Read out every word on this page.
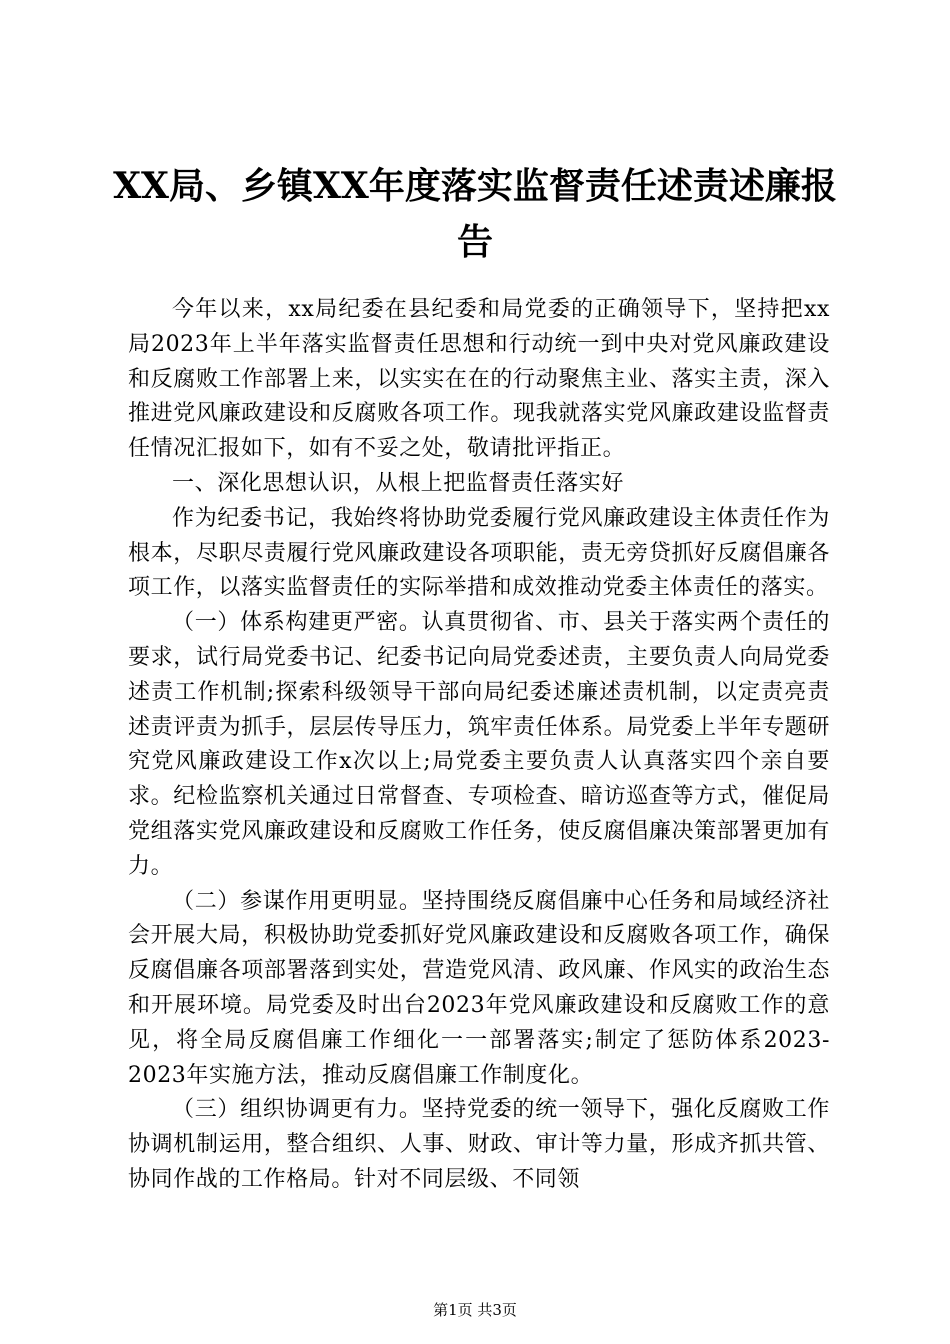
XX局、乡镇XX年度落实监督责任述责述廉报告

今年以来，xx局纪委在县纪委和局党委的正确领导下，坚持把xx局2023年上半年落实监督责任思想和行动统一到中央对党风廉政建设和反腐败工作部署上来，以实实在在的行动聚焦主业、落实主责，深入推进党风廉政建设和反腐败各项工作。现我就落实党风廉政建设监督责任情况汇报如下，如有不妥之处，敬请批评指正。

一、深化思想认识，从根上把监督责任落实好

作为纪委书记，我始终将协助党委履行党风廉政建设主体责任作为根本，尽职尽责履行党风廉政建设各项职能，责无旁贷抓好反腐倡廉各项工作，以落实监督责任的实际举措和成效推动党委主体责任的落实。

（一）体系构建更严密。认真贯彻省、市、县关于落实两个责任的要求，试行局党委书记、纪委书记向局党委述责，主要负责人向局党委述责工作机制;探索科级领导干部向局纪委述廉述责机制，以定责亮责述责评责为抓手，层层传导压力，筑牢责任体系。局党委上半年专题研究党风廉政建设工作x次以上;局党委主要负责人认真落实四个亲自要求。纪检监察机关通过日常督查、专项检查、暗访巡查等方式，催促局党组落实党风廉政建设和反腐败工作任务，使反腐倡廉决策部署更加有力。

（二）参谋作用更明显。坚持围绕反腐倡廉中心任务和局域经济社会开展大局，积极协助党委抓好党风廉政建设和反腐败各项工作，确保反腐倡廉各项部署落到实处，营造党风清、政风廉、作风实的政治生态和开展环境。局党委及时出台2023年党风廉政建设和反腐败工作的意见，将全局反腐倡廉工作细化一一部署落实;制定了惩防体系2023-2023年实施方法，推动反腐倡廉工作制度化。

（三）组织协调更有力。坚持党委的统一领导下，强化反腐败工作协调机制运用，整合组织、人事、财政、审计等力量，形成齐抓共管、协同作战的工作格局。针对不同层级、不同领

第1页 共3页
